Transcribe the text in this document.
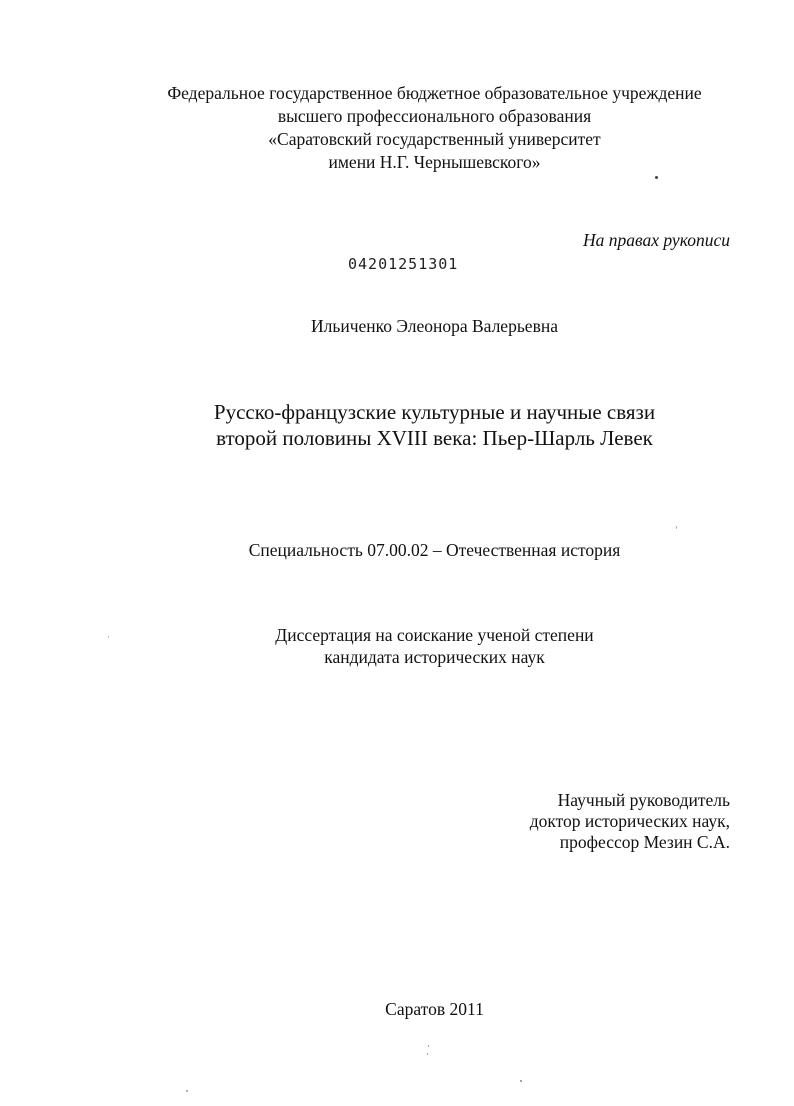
Федеральное государственное бюджетное образовательное учреждение
высшего профессионального образования
«Саратовский государственный университет
имени Н.Г. Чернышевского»
На правах рукописи
04201251301
Ильиченко Элеонора Валерьевна
Русско-французские культурные и научные связи
второй половины XVIII века: Пьер-Шарль Левек
Специальность 07.00.02 – Отечественная история
Диссертация на соискание ученой степени
кандидата исторических наук
Научный руководитель
доктор исторических наук,
профессор Мезин С.А.
Саратов 2011
